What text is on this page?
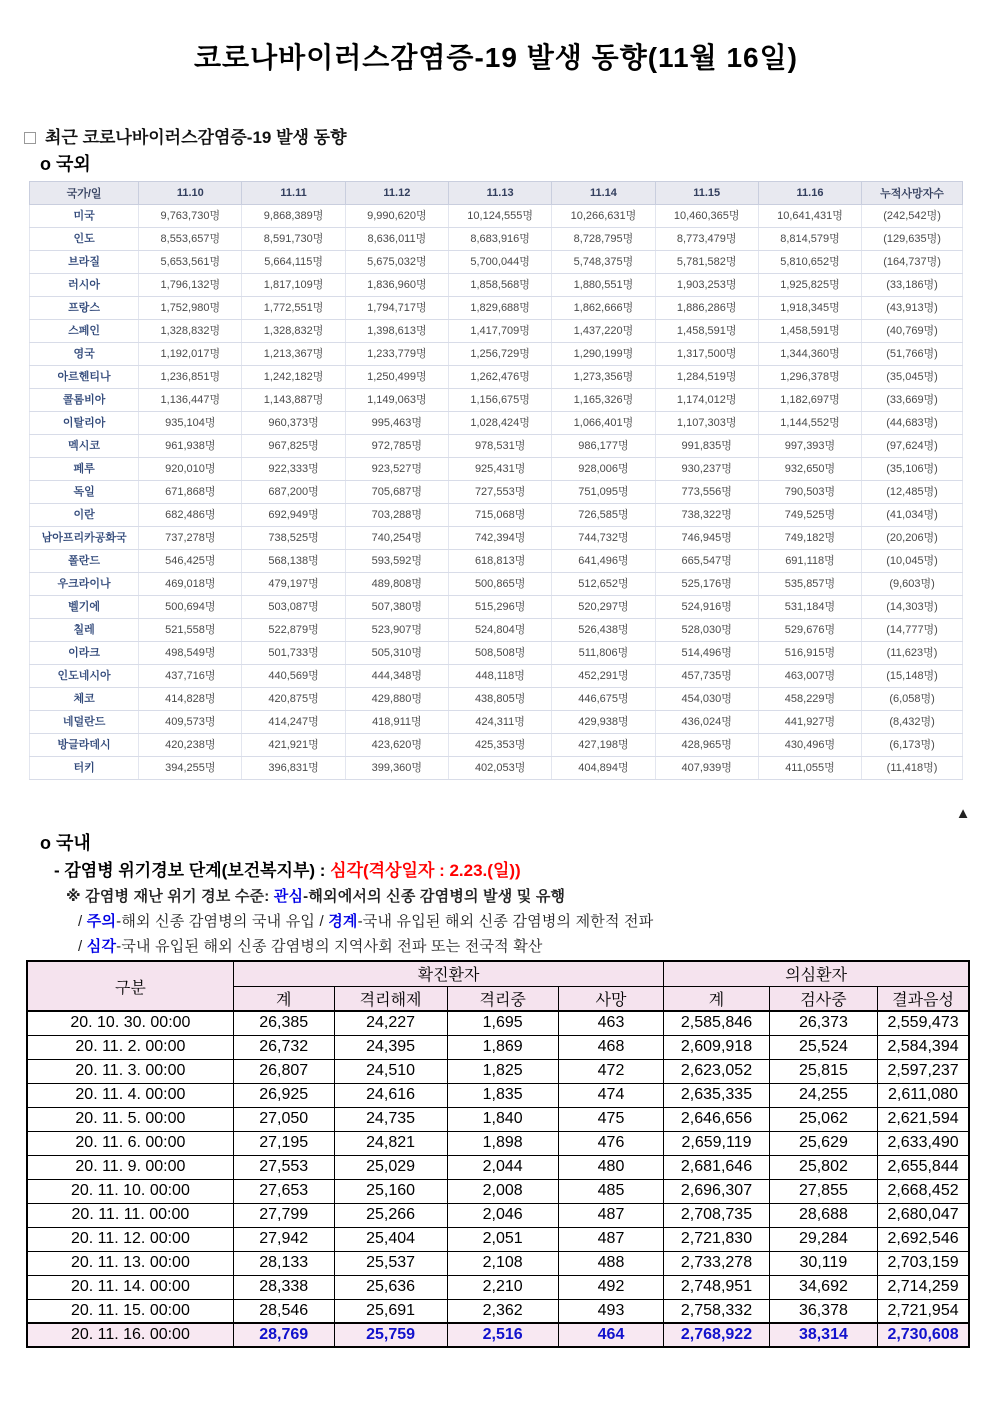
코로나바이러스감염증-19 발생 동향(11월 16일)
최근 코로나바이러스감염증-19 발생 동향
o 국외
국가/일	11.10	11.11	11.12	11.13	11.14	11.15	11.16	누적사망자수
미국	9,763,730명	9,868,389명	9,990,620명	10,124,555명	10,266,631명	10,460,365명	10,641,431명	(242,542명)
인도	8,553,657명	8,591,730명	8,636,011명	8,683,916명	8,728,795명	8,773,479명	8,814,579명	(129,635명)
브라질	5,653,561명	5,664,115명	5,675,032명	5,700,044명	5,748,375명	5,781,582명	5,810,652명	(164,737명)
러시아	1,796,132명	1,817,109명	1,836,960명	1,858,568명	1,880,551명	1,903,253명	1,925,825명	(33,186명)
프랑스	1,752,980명	1,772,551명	1,794,717명	1,829,688명	1,862,666명	1,886,286명	1,918,345명	(43,913명)
스페인	1,328,832명	1,328,832명	1,398,613명	1,417,709명	1,437,220명	1,458,591명	1,458,591명	(40,769명)
영국	1,192,017명	1,213,367명	1,233,779명	1,256,729명	1,290,199명	1,317,500명	1,344,360명	(51,766명)
아르헨티나	1,236,851명	1,242,182명	1,250,499명	1,262,476명	1,273,356명	1,284,519명	1,296,378명	(35,045명)
콜롬비아	1,136,447명	1,143,887명	1,149,063명	1,156,675명	1,165,326명	1,174,012명	1,182,697명	(33,669명)
이탈리아	935,104명	960,373명	995,463명	1,028,424명	1,066,401명	1,107,303명	1,144,552명	(44,683명)
멕시코	961,938명	967,825명	972,785명	978,531명	986,177명	991,835명	997,393명	(97,624명)
페루	920,010명	922,333명	923,527명	925,431명	928,006명	930,237명	932,650명	(35,106명)
독일	671,868명	687,200명	705,687명	727,553명	751,095명	773,556명	790,503명	(12,485명)
이란	682,486명	692,949명	703,288명	715,068명	726,585명	738,322명	749,525명	(41,034명)
남아프리카공화국	737,278명	738,525명	740,254명	742,394명	744,732명	746,945명	749,182명	(20,206명)
폴란드	546,425명	568,138명	593,592명	618,813명	641,496명	665,547명	691,118명	(10,045명)
우크라이나	469,018명	479,197명	489,808명	500,865명	512,652명	525,176명	535,857명	(9,603명)
벨기에	500,694명	503,087명	507,380명	515,296명	520,297명	524,916명	531,184명	(14,303명)
칠레	521,558명	522,879명	523,907명	524,804명	526,438명	528,030명	529,676명	(14,777명)
이라크	498,549명	501,733명	505,310명	508,508명	511,806명	514,496명	516,915명	(11,623명)
인도네시아	437,716명	440,569명	444,348명	448,118명	452,291명	457,735명	463,007명	(15,148명)
체코	414,828명	420,875명	429,880명	438,805명	446,675명	454,030명	458,229명	(6,058명)
네덜란드	409,573명	414,247명	418,911명	424,311명	429,938명	436,024명	441,927명	(8,432명)
방글라데시	420,238명	421,921명	423,620명	425,353명	427,198명	428,965명	430,496명	(6,173명)
터키	394,255명	396,831명	399,360명	402,053명	404,894명	407,939명	411,055명	(11,418명)
o 국내
- 감염병 위기경보 단계(보건복지부) : 심각(격상일자 : 2.23.(일))
※ 감염병 재난 위기 경보 수준: 관심-해외에서의 신종 감염병의 발생 및 유행
/ 주의-해외 신종 감염병의 국내 유입 / 경계-국내 유입된 해외 신종 감염병의 제한적 전파
/ 심각-국내 유입된 해외 신종 감염병의 지역사회 전파 또는 전국적 확산
구분	확진환자				의심환자		
	계	격리해제	격리중	사망	계	검사중	결과음성
20. 10. 30. 00:00	26,385	24,227	1,695	463	2,585,846	26,373	2,559,473
20. 11. 2. 00:00	26,732	24,395	1,869	468	2,609,918	25,524	2,584,394
20. 11. 3. 00:00	26,807	24,510	1,825	472	2,623,052	25,815	2,597,237
20. 11. 4. 00:00	26,925	24,616	1,835	474	2,635,335	24,255	2,611,080
20. 11. 5. 00:00	27,050	24,735	1,840	475	2,646,656	25,062	2,621,594
20. 11. 6. 00:00	27,195	24,821	1,898	476	2,659,119	25,629	2,633,490
20. 11. 9. 00:00	27,553	25,029	2,044	480	2,681,646	25,802	2,655,844
20. 11. 10. 00:00	27,653	25,160	2,008	485	2,696,307	27,855	2,668,452
20. 11. 11. 00:00	27,799	25,266	2,046	487	2,708,735	28,688	2,680,047
20. 11. 12. 00:00	27,942	25,404	2,051	487	2,721,830	29,284	2,692,546
20. 11. 13. 00:00	28,133	25,537	2,108	488	2,733,278	30,119	2,703,159
20. 11. 14. 00:00	28,338	25,636	2,210	492	2,748,951	34,692	2,714,259
20. 11. 15. 00:00	28,546	25,691	2,362	493	2,758,332	36,378	2,721,954
20. 11. 16. 00:00	28,769	25,759	2,516	464	2,768,922	38,314	2,730,608
▲
